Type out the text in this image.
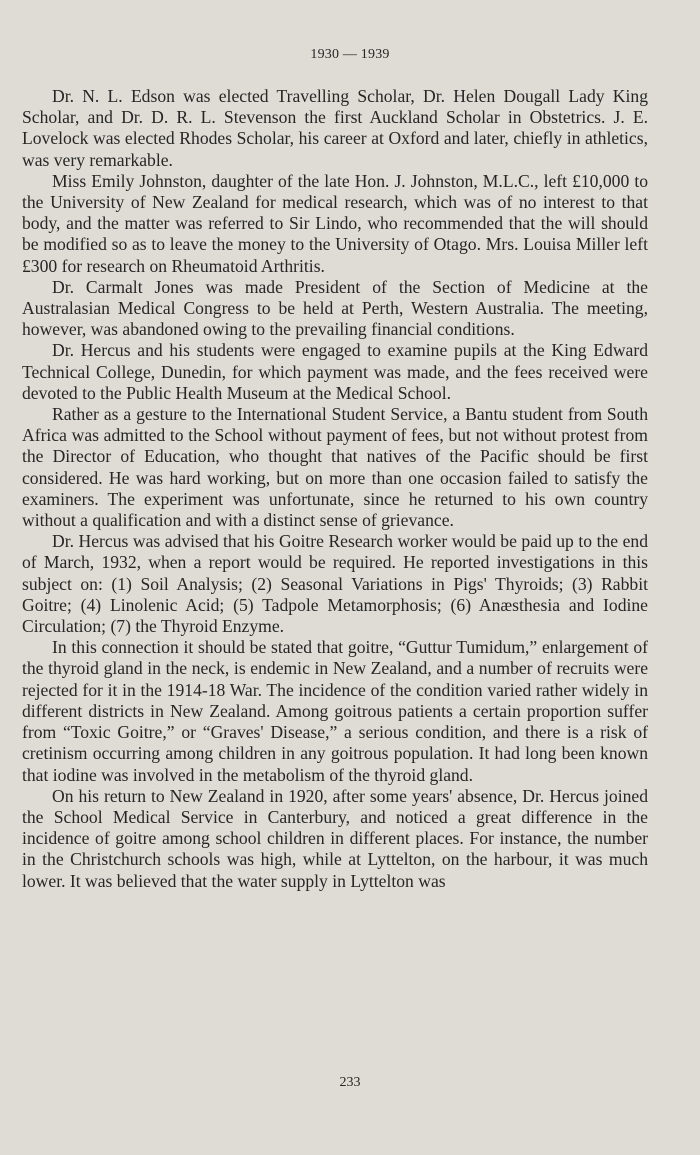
1930 — 1939

Dr. N. L. Edson was elected Travelling Scholar, Dr. Helen Dougall Lady King Scholar, and Dr. D. R. L. Stevenson the first Auckland Scholar in Obstetrics. J. E. Lovelock was elected Rhodes Scholar, his career at Oxford and later, chiefly in athletics, was very remarkable.

Miss Emily Johnston, daughter of the late Hon. J. Johnston, M.L.C., left £10,000 to the University of New Zealand for medical research, which was of no interest to that body, and the matter was referred to Sir Lindo, who recommended that the will should be modified so as to leave the money to the University of Otago. Mrs. Louisa Miller left £300 for research on Rheumatoid Arthritis.

Dr. Carmalt Jones was made President of the Section of Medicine at the Australasian Medical Congress to be held at Perth, Western Australia. The meeting, however, was abandoned owing to the prevailing financial conditions.

Dr. Hercus and his students were engaged to examine pupils at the King Edward Technical College, Dunedin, for which payment was made, and the fees received were devoted to the Public Health Museum at the Medical School.

Rather as a gesture to the International Student Service, a Bantu student from South Africa was admitted to the School without payment of fees, but not without protest from the Director of Education, who thought that natives of the Pacific should be first considered. He was hard working, but on more than one occasion failed to satisfy the examiners. The experiment was unfortunate, since he returned to his own country without a qualification and with a distinct sense of grievance.

Dr. Hercus was advised that his Goitre Research worker would be paid up to the end of March, 1932, when a report would be required. He reported investigations in this subject on: (1) Soil Analysis; (2) Seasonal Variations in Pigs' Thyroids; (3) Rabbit Goitre; (4) Linolenic Acid; (5) Tadpole Metamorphosis; (6) Anæsthesia and Iodine Circulation; (7) the Thyroid Enzyme.

In this connection it should be stated that goitre, “Guttur Tumidum,” enlargement of the thyroid gland in the neck, is endemic in New Zealand, and a number of recruits were rejected for it in the 1914-18 War. The incidence of the condition varied rather widely in different districts in New Zealand. Among goitrous patients a certain proportion suffer from “Toxic Goitre,” or “Graves' Disease,” a serious condition, and there is a risk of cretinism occurring among children in any goitrous population. It had long been known that iodine was involved in the metabolism of the thyroid gland.

On his return to New Zealand in 1920, after some years' absence, Dr. Hercus joined the School Medical Service in Canterbury, and noticed a great difference in the incidence of goitre among school children in different places. For instance, the number in the Christchurch schools was high, while at Lyttelton, on the harbour, it was much lower. It was believed that the water supply in Lyttelton was

233
